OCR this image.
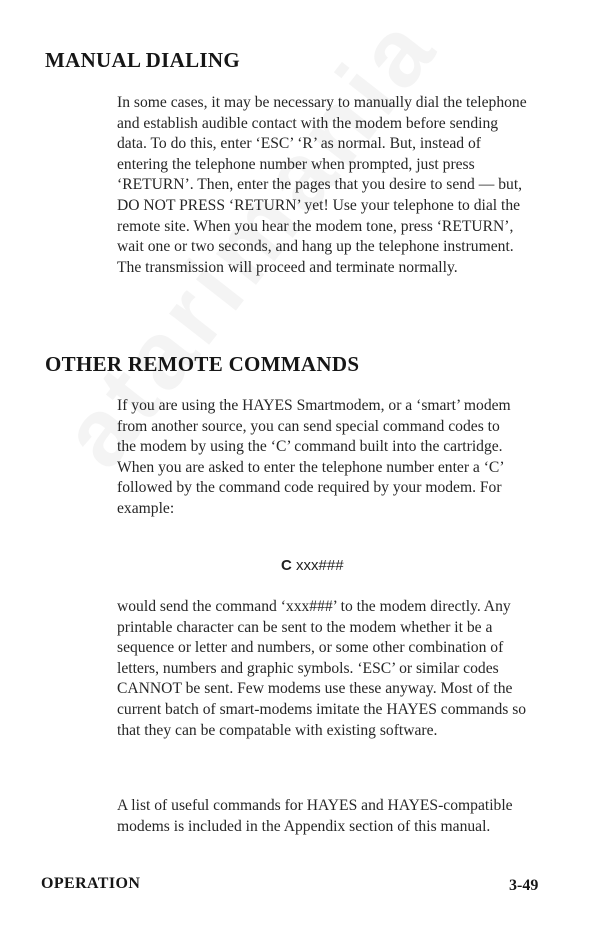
MANUAL DIALING

In some cases, it may be necessary to manually dial the telephone and establish audible contact with the modem before sending data. To do this, enter ‘ESC’ ‘R’ as normal. But, instead of entering the telephone number when prompted, just press ‘RETURN’. Then, enter the pages that you desire to send — but, DO NOT PRESS ‘RETURN’ yet! Use your telephone to dial the remote site. When you hear the modem tone, press ‘RETURN’, wait one or two seconds, and hang up the telephone instrument. The transmission will proceed and terminate normally.

OTHER REMOTE COMMANDS

If you are using the HAYES Smartmodem, or a ‘smart’ modem from another source, you can send special command codes to the modem by using the ‘C’ command built into the cartridge. When you are asked to enter the telephone number enter a ‘C’ followed by the command code required by your modem. For example:

C xxx###

would send the command ‘xxx###’ to the modem directly. Any printable character can be sent to the modem whether it be a sequence or letter and numbers, or some other combination of letters, numbers and graphic symbols. ‘ESC’ or similar codes CANNOT be sent. Few modems use these anyway. Most of the current batch of smart-modems imitate the HAYES commands so that they can be compatable with existing software.

A list of useful commands for HAYES and HAYES-compatible modems is included in the Appendix section of this manual.

OPERATION	3-49
